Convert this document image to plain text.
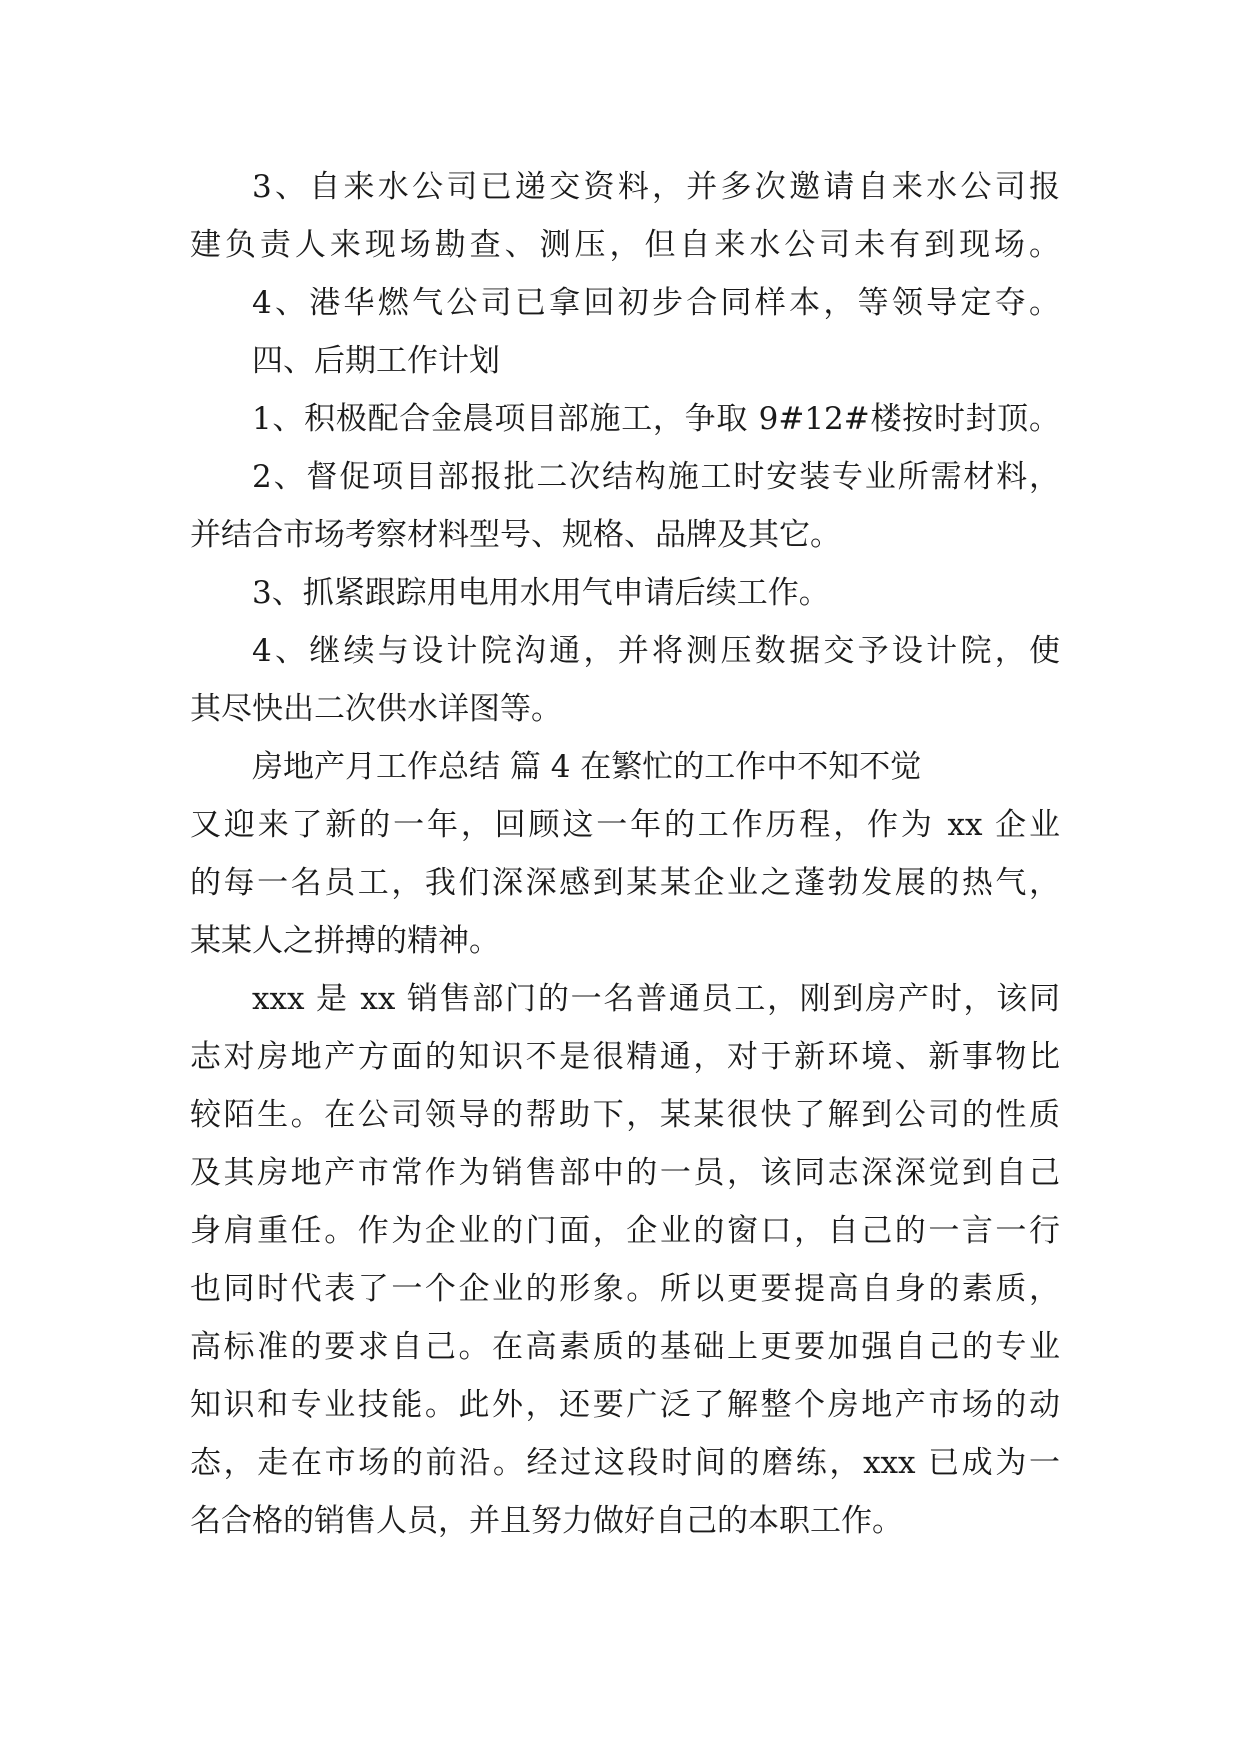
3、自来水公司已递交资料，并多次邀请自来水公司报
建负责人来现场勘查、测压，但自来水公司未有到现场。
4、港华燃气公司已拿回初步合同样本，等领导定夺。
四、后期工作计划
1、积极配合金晨项目部施工，争取 9#12#楼按时封顶。
2、督促项目部报批二次结构施工时安装专业所需材料，
并结合市场考察材料型号、规格、品牌及其它。
3、抓紧跟踪用电用水用气申请后续工作。
4、继续与设计院沟通，并将测压数据交予设计院，使
其尽快出二次供水详图等。
房地产月工作总结 篇 4 在繁忙的工作中不知不觉
又迎来了新的一年，回顾这一年的工作历程，作为 xx 企业
的每一名员工，我们深深感到某某企业之蓬勃发展的热气，
某某人之拼搏的精神。
xxx 是 xx 销售部门的一名普通员工，刚到房产时，该同
志对房地产方面的知识不是很精通，对于新环境、新事物比
较陌生。在公司领导的帮助下，某某很快了解到公司的性质
及其房地产市常作为销售部中的一员，该同志深深觉到自己
身肩重任。作为企业的门面，企业的窗口，自己的一言一行
也同时代表了一个企业的形象。所以更要提高自身的素质，
高标准的要求自己。在高素质的基础上更要加强自己的专业
知识和专业技能。此外，还要广泛了解整个房地产市场的动
态，走在市场的前沿。经过这段时间的磨练，xxx 已成为一
名合格的销售人员，并且努力做好自己的本职工作。
